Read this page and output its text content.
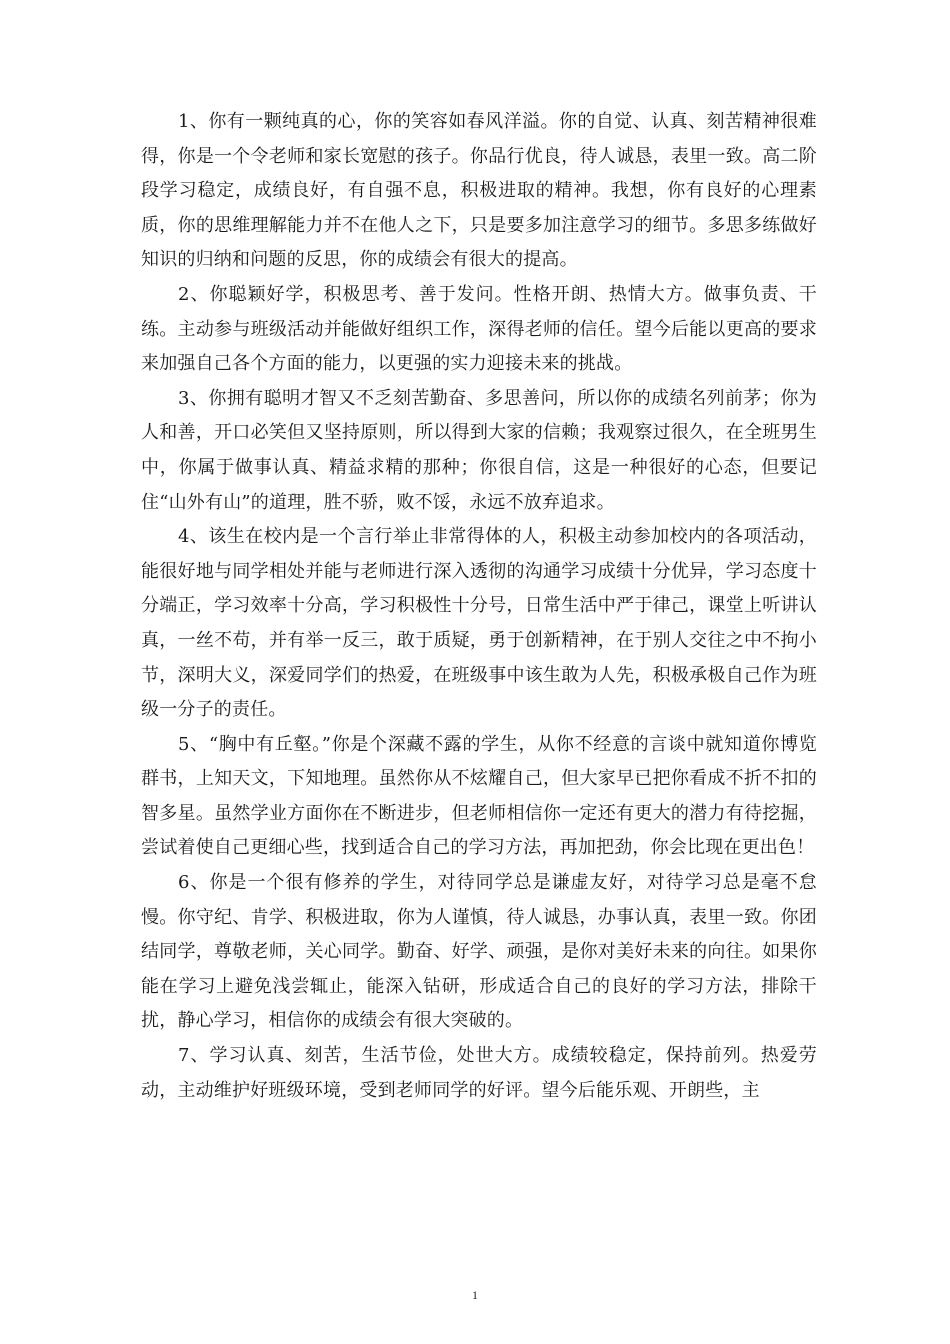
1、你有一颗纯真的心，你的笑容如春风洋溢。你的自觉、认真、刻苦精神很难得，你是一个令老师和家长宽慰的孩子。你品行优良，待人诚恳，表里一致。高二阶段学习稳定，成绩良好，有自强不息，积极进取的精神。我想，你有良好的心理素质，你的思维理解能力并不在他人之下，只是要多加注意学习的细节。多思多练做好知识的归纳和问题的反思，你的成绩会有很大的提高。

2、你聪颖好学，积极思考、善于发问。性格开朗、热情大方。做事负责、干练。主动参与班级活动并能做好组织工作，深得老师的信任。望今后能以更高的要求来加强自己各个方面的能力，以更强的实力迎接未来的挑战。

3、你拥有聪明才智又不乏刻苦勤奋、多思善问，所以你的成绩名列前茅；你为人和善，开口必笑但又坚持原则，所以得到大家的信赖；我观察过很久，在全班男生中，你属于做事认真、精益求精的那种；你很自信，这是一种很好的心态，但要记住“山外有山”的道理，胜不骄，败不馁，永远不放弃追求。

4、该生在校内是一个言行举止非常得体的人，积极主动参加校内的各项活动，能很好地与同学相处并能与老师进行深入透彻的沟通学习成绩十分优异，学习态度十分端正，学习效率十分高，学习积极性十分号，日常生活中严于律己，课堂上听讲认真，一丝不苟，并有举一反三，敢于质疑，勇于创新精神，在于别人交往之中不拘小节，深明大义，深爱同学们的热爱，在班级事中该生敢为人先，积极承极自己作为班级一分子的责任。

5、“胸中有丘壑。”你是个深藏不露的学生，从你不经意的言谈中就知道你博览群书，上知天文，下知地理。虽然你从不炫耀自己，但大家早已把你看成不折不扣的智多星。虽然学业方面你在不断进步，但老师相信你一定还有更大的潜力有待挖掘，尝试着使自己更细心些，找到适合自己的学习方法，再加把劲，你会比现在更出色！

6、你是一个很有修养的学生，对待同学总是谦虚友好，对待学习总是毫不怠慢。你守纪、肯学、积极进取，你为人谨慎，待人诚恳，办事认真，表里一致。你团结同学，尊敬老师，关心同学。勤奋、好学、顽强，是你对美好未来的向往。如果你能在学习上避免浅尝辄止，能深入钻研，形成适合自己的良好的学习方法，排除干扰，静心学习，相信你的成绩会有很大突破的。

7、学习认真、刻苦，生活节俭，处世大方。成绩较稳定，保持前列。热爱劳动，主动维护好班级环境，受到老师同学的好评。望今后能乐观、开朗些，主

1
